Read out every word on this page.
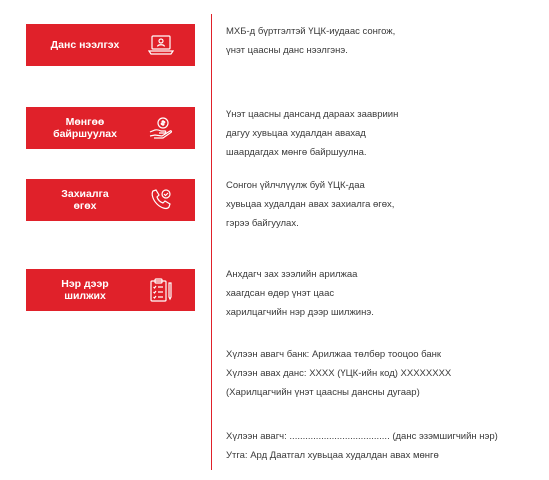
Данс нээлгэх
МХБ-д бүртгэлтэй ҮЦК-иудаас сонгож,
үнэт цаасны данс нээлгэнэ.
Мөнгөө
байршуулах
Үнэт цаасны дансанд дараах заавриин
дагуу хувьцаа худалдан авахад
шаардагдах мөнгө байршуулна.
Захиалга
өгөх
Сонгон үйлчлүүлж буй ҮЦК-даа
хувьцаа худалдан авах захиалга өгөх,
гэрээ байгуулах.
Нэр дээр
шилжих
Анхдагч зах зээлийн арилжаа
хаагдсан өдөр үнэт цаас
харилцагчийн нэр дээр шилжинэ.
Хүлээн авагч банк: Арилжаа төлбөр тооцоо банк
Хүлээн авах данс: XXXX (ҮЦК-ийн код) XXXXXXXX
(Харилцагчийн үнэт цаасны дансны дугаар)
Хүлээн авагч: ...................................... (данс эзэмшигчийн нэр)
Утга: Ард Даатгал хувьцаа худалдан авах мөнгө
